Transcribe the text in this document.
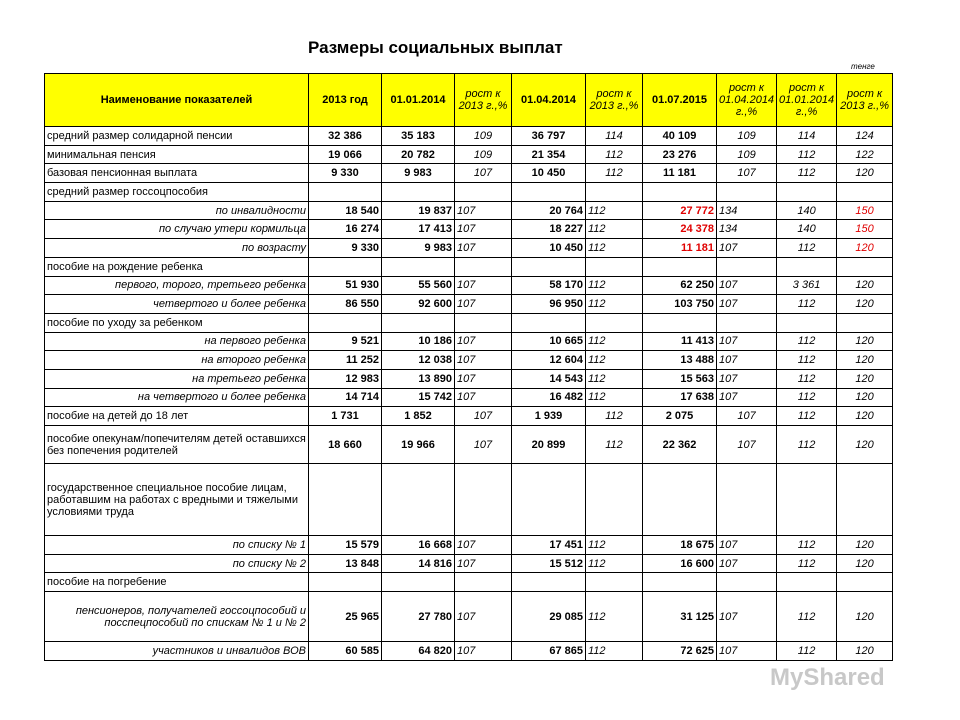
Размеры социальных выплат
тенге
Наименование показателей	2013 год	01.01.2014	рост к 2013 г.,%	01.04.2014	рост к 2013 г.,%	01.07.2015	рост к 01.04.2014 г.,%	рост к 01.01.2014 г.,%	рост к 2013 г.,%
средний размер солидарной пенсии	32 386	35 183	109	36 797	114	40 109	109	114	124
минимальная пенсия	19 066	20 782	109	21 354	112	23 276	109	112	122
базовая пенсионная выплата	9 330	9 983	107	10 450	112	11 181	107	112	120
средний размер госсоцпособия									
по инвалидности	18 540	19 837	107	20 764	112	27 772	134	140	150
по случаю утери кормильца	16 274	17 413	107	18 227	112	24 378	134	140	150
по возрасту	9 330	9 983	107	10 450	112	11 181	107	112	120
пособие на рождение ребенка									
первого, торого, третьего ребенка	51 930	55 560	107	58 170	112	62 250	107	3 361	120
четвертого и более ребенка	86 550	92 600	107	96 950	112	103 750	107	112	120
пособие по уходу за ребенком									
на первого ребенка	9 521	10 186	107	10 665	112	11 413	107	112	120
на второго ребенка	11 252	12 038	107	12 604	112	13 488	107	112	120
на третьего ребенка	12 983	13 890	107	14 543	112	15 563	107	112	120
на четвертого и более ребенка	14 714	15 742	107	16 482	112	17 638	107	112	120
пособие на детей до 18 лет	1 731	1 852	107	1 939	112	2 075	107	112	120
пособие опекунам/попечителям детей оставшихся без попечения родителей	18 660	19 966	107	20 899	112	22 362	107	112	120
государственное специальное пособие лицам, работавшим на работах с вредными и тяжелыми условиями труда									
по списку № 1	15 579	16 668	107	17 451	112	18 675	107	112	120
по списку № 2	13 848	14 816	107	15 512	112	16 600	107	112	120
пособие на погребение									
пенсионеров, получателей госсоцпособий и посспецпособий по спискам № 1 и № 2	25 965	27 780	107	29 085	112	31 125	107	112	120
участников и инвалидов ВОВ	60 585	64 820	107	67 865	112	72 625	107	112	120
MyShared
